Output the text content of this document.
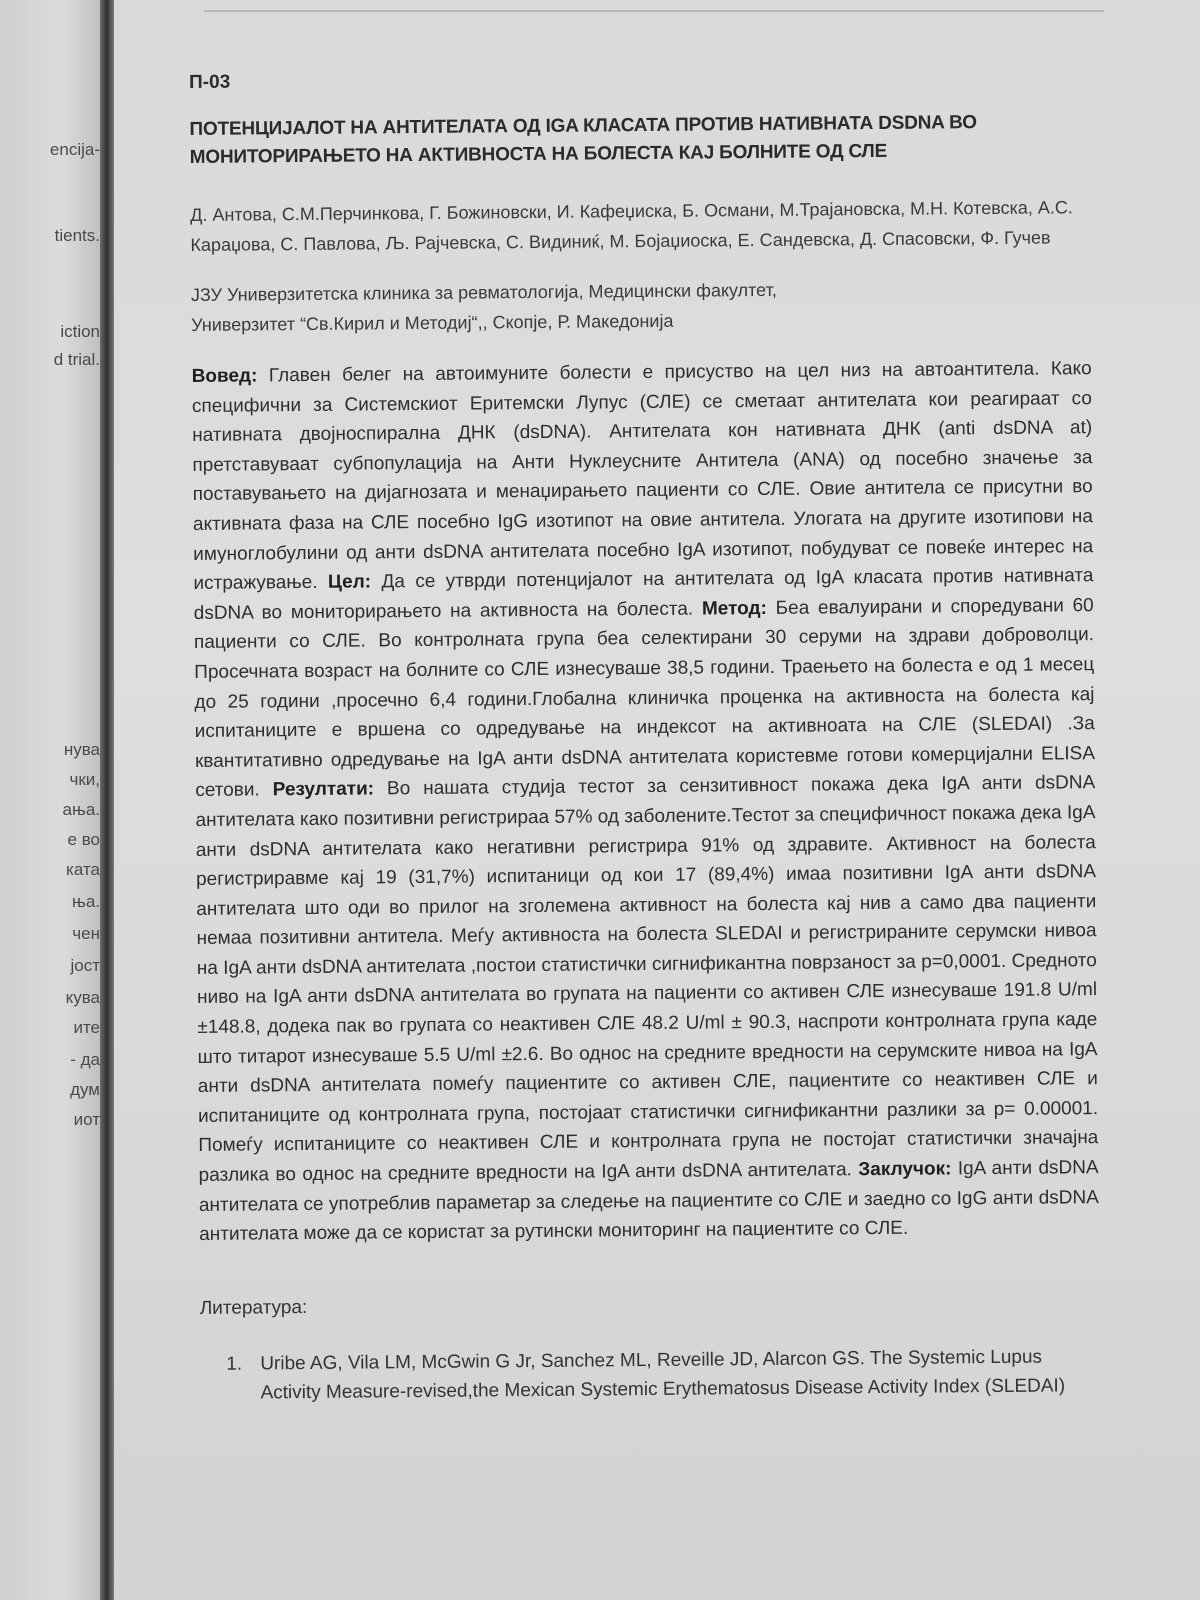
encija-
tients.
iction
d trial.
нува
чки,
ања.
е во
ката
ња.
чен
јост
кува
ите
- да
дум
иот
П-03
ПОТЕНЦИЈАЛОТ НА АНТИТЕЛАТА ОД IGA КЛАСАТА ПРОТИВ НАТИВНАТА DSDNA ВО
МОНИТОРИРАЊЕТО НА АКТИВНОСТА НА БОЛЕСТА КАЈ БОЛНИТЕ ОД СЛЕ
Д. Антова, С.М.Перчинкова, Г. Божиновски, И. Кафеџиска, Б. Османи, М.Трајановска, М.Н. Котевска, А.С. Караџова, С. Павлова, Љ. Рајчевска, С. Видиниќ, М. Бојаџиоска, Е. Сандевска, Д. Спасовски, Ф. Гучев
ЈЗУ Универзитетска клиника за ревматологија, Медицински факултет,
Универзитет “Св.Кирил и Методиј“,, Скопје, Р. Македонија

Вовед: Главен белег на автоимуните болести е присуство на цел низ на автоантитела. Како специфични за Системскиот Еритемски Лупус (СЛЕ) се сметаат антителата кои реагираат со нативната двојноспирална ДНК (dsDNA). Антителата кон нативната ДНК (anti dsDNA at) претставуваат субпопулација на Анти Нуклеусните Антитела (АNA) од посебно значење за поставувањето на дијагнозата и менаџирањето пациенти со СЛЕ. Овие антитела се присутни во активната фаза на СЛЕ посебно IgG изотипот на овие антитела. Улогата на другите изотипови на имуноглобулини од анти dsDNA антителата посебно IgA изотипот, побудуват се повеќе интерес на истражување. Цел: Да се утврди потенцијалот на антителата од IgA класата против нативната dsDNA во мониторирањето на активноста на болеста. Метод: Беа евалуирани и споредувани 60 пациенти со СЛЕ. Во контролната група беа селектирани 30 серуми на здрави доброволци. Просечната возраст на болните со СЛЕ изнесуваше 38,5 години. Траењето на болеста е од 1 месец до 25 години ,просечно 6,4 години.Глобална клиничка проценка на активноста на болеста кај испитаниците е вршена со одредување на индексот на активноата на СЛЕ (SLEDAI) .За квантитативно одредување на IgA анти dsDNA антителата користевме готови комерцијални ELISA сетови. Резултати: Во нашата студија тестот за сензитивност покажа дека IgA анти dsDNA антителата како позитивни регистрираа 57% од заболените.Тестот за специфичност покажа дека IgA анти dsDNA антителата како негативни регистрира 91% од здравите. Активност на болеста регистриравме кај 19 (31,7%) испитаници од кои 17 (89,4%) имаа позитивни IgA анти dsDNA антителата што оди во прилог на зголемена активност на болеста кај нив а само два пациенти немаа позитивни антитела. Меѓу активноста на болеста SLEDAI и регистрираните серумски нивоа на IgA анти dsDNA антителата ,постои статистички сигнификантна поврзаност за p=0,0001. Средното ниво на IgA анти dsDNA антителата во групата на пациенти со активен СЛЕ изнесуваше 191.8 U/ml ±148.8, додека пак во групата со неактивен СЛЕ 48.2 U/ml ± 90.3, наспроти контролната група каде што титарот изнесуваше 5.5 U/ml ±2.6. Во однос на средните вредности на серумските нивоа на IgA анти dsDNA антителата помеѓу пациентите со активен СЛЕ, пациентите со неактивен СЛЕ и испитаниците од контролната група, постојаат статистички сигнификантни разлики за p= 0.00001. Помеѓу испитаниците со неактивен СЛЕ и контролната група не постојат статистички значајна разлика во однос на средните вредности на IgA анти dsDNA антителата. Заклучок: IgA анти dsDNA антителата се употреблив параметар за следење на пациентите со СЛЕ и заедно со IgG анти dsDNA антителата може да се користат за рутински мониторинг на пациентите со СЛЕ.

Литература:
1. Uribe AG, Vila LM, McGwin G Jr, Sanchez ML, Reveille JD, Alarcon GS. The Systemic Lupus Activity Measure-revised,the Mexican Systemic Erythematosus Disease Activity Index (SLEDAI)
